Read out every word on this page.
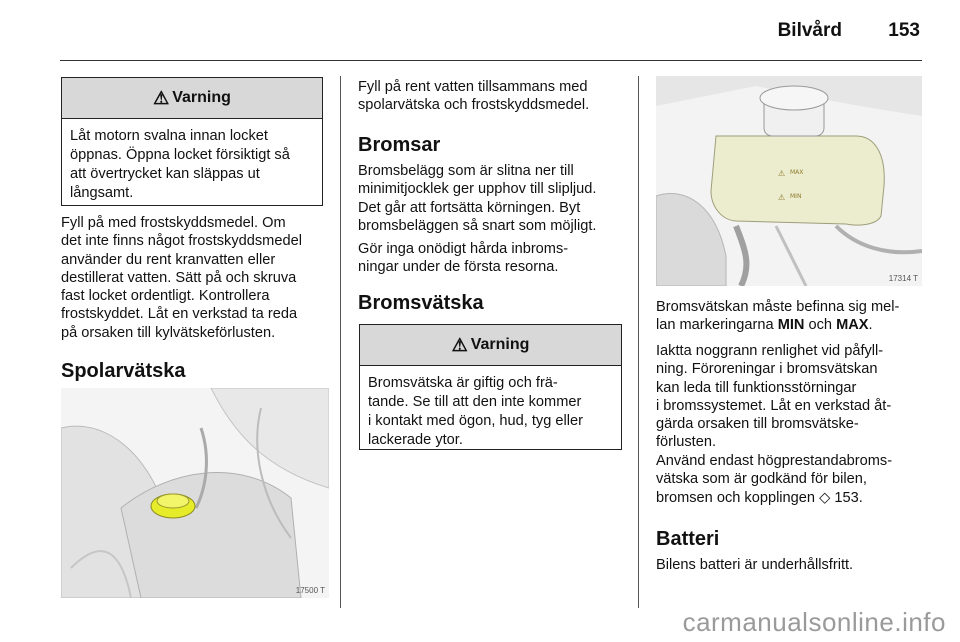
Bilvård 153
⚠ Varning
Låt motorn svalna innan locket
öppnas. Öppna locket försiktigt så
att övertrycket kan släppas ut
långsamt.
Fyll på med frostskyddsmedel. Om
det inte finns något frostskyddsmedel
använder du rent kranvatten eller
destillerat vatten. Sätt på och skruva
fast locket ordentligt. Kontrollera
frostskyddet. Låt en verkstad ta reda
på orsaken till kylvätskeförlusten.
Spolarvätska
17500 T
Fyll på rent vatten tillsammans med
spolarvätska och frostskyddsmedel.
Bromsar
Bromsbelägg som är slitna ner till
minimitjocklek ger upphov till slipljud.
Det går att fortsätta körningen. Byt
bromsbeläggen så snart som möjligt.
Gör inga onödigt hårda inbroms-
ningar under de första resorna.
Bromsvätska
⚠ Varning
Bromsvätska är giftig och frä-
tande. Se till att den inte kommer
i kontakt med ögon, hud, tyg eller
lackerade ytor.
⚠ MAX
⚠ MIN
17314 T
Bromsvätskan måste befinna sig mel-
lan markeringarna MIN och MAX.
Iaktta noggrann renlighet vid påfyll-
ning. Föroreningar i bromsvätskan
kan leda till funktionsstörningar
i bromssystemet. Låt en verkstad åt-
gärda orsaken till bromsvätske-
förlusten.
Använd endast högprestandabroms-
vätska som är godkänd för bilen,
bromsen och kopplingen ◇ 153.
Batteri
Bilens batteri är underhållsfritt.
carmanualsonline.info
